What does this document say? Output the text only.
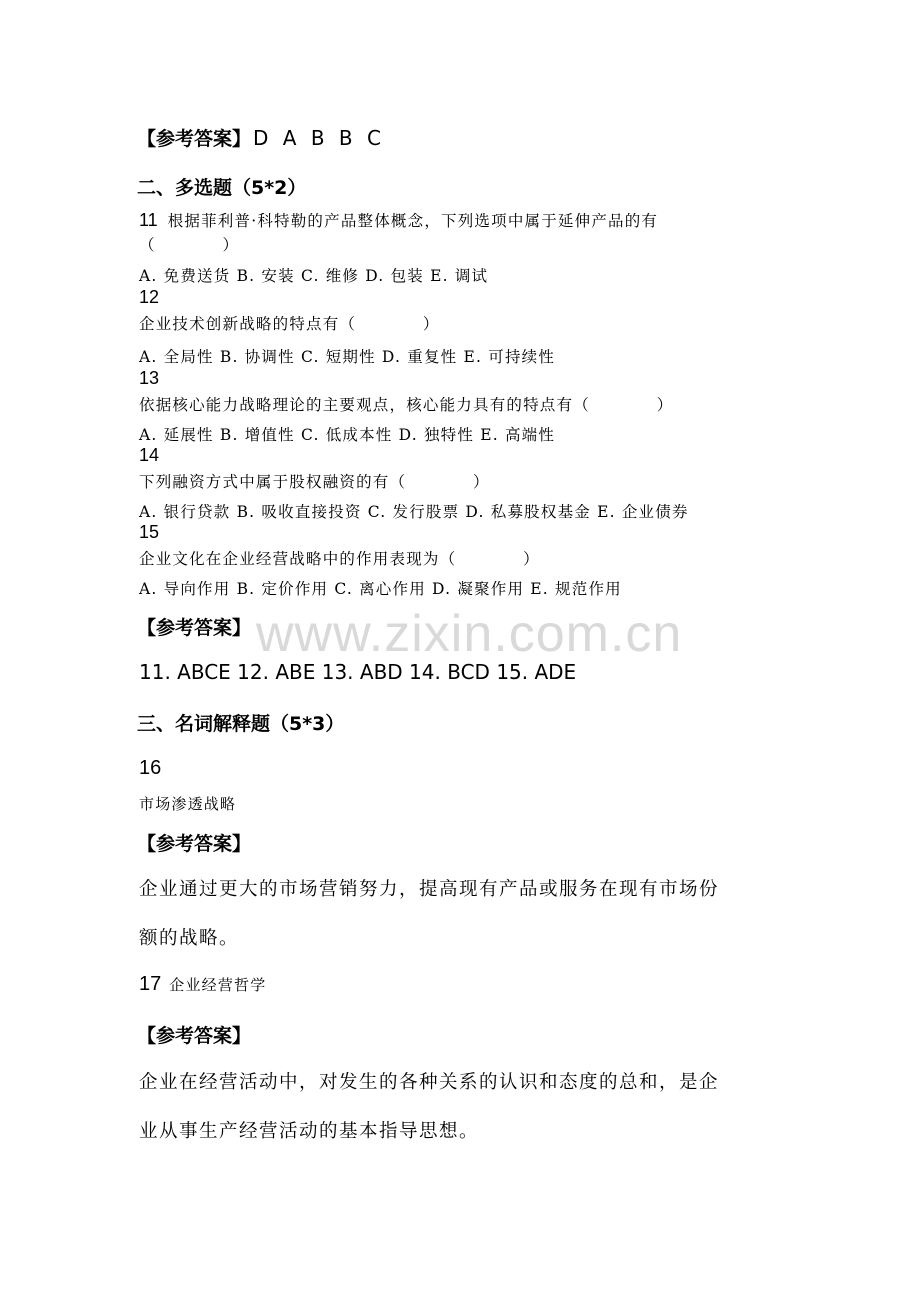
【参考答案】 D A B B C
二、多选题（5*2）
11 根据菲利普·科特勒的产品整体概念，下列选项中属于延伸产品的有
（　　　　）
A. 免费送货 B. 安装 C. 维修 D. 包装 E. 调试
12
企业技术创新战略的特点有（　　　　）
A. 全局性 B. 协调性 C. 短期性 D. 重复性 E. 可持续性
13
依据核心能力战略理论的主要观点，核心能力具有的特点有（　　　　）
A. 延展性 B. 增值性 C. 低成本性 D. 独特性 E. 高端性
14
下列融资方式中属于股权融资的有（　　　　）
A. 银行贷款 B. 吸收直接投资 C. 发行股票 D. 私募股权基金 E. 企业债券
15
企业文化在企业经营战略中的作用表现为（　　　　）
A. 导向作用 B. 定价作用 C. 离心作用 D. 凝聚作用 E. 规范作用
www.zixin.com.cn
【参考答案】
11. ABCE 12. ABE 13. ABD 14. BCD 15. ADE
三、名词解释题（5*3）
16
市场渗透战略
【参考答案】
企业通过更大的市场营销努力，提高现有产品或服务在现有市场份
额的战略。
17 企业经营哲学
【参考答案】
企业在经营活动中，对发生的各种关系的认识和态度的总和，是企
业从事生产经营活动的基本指导思想。
